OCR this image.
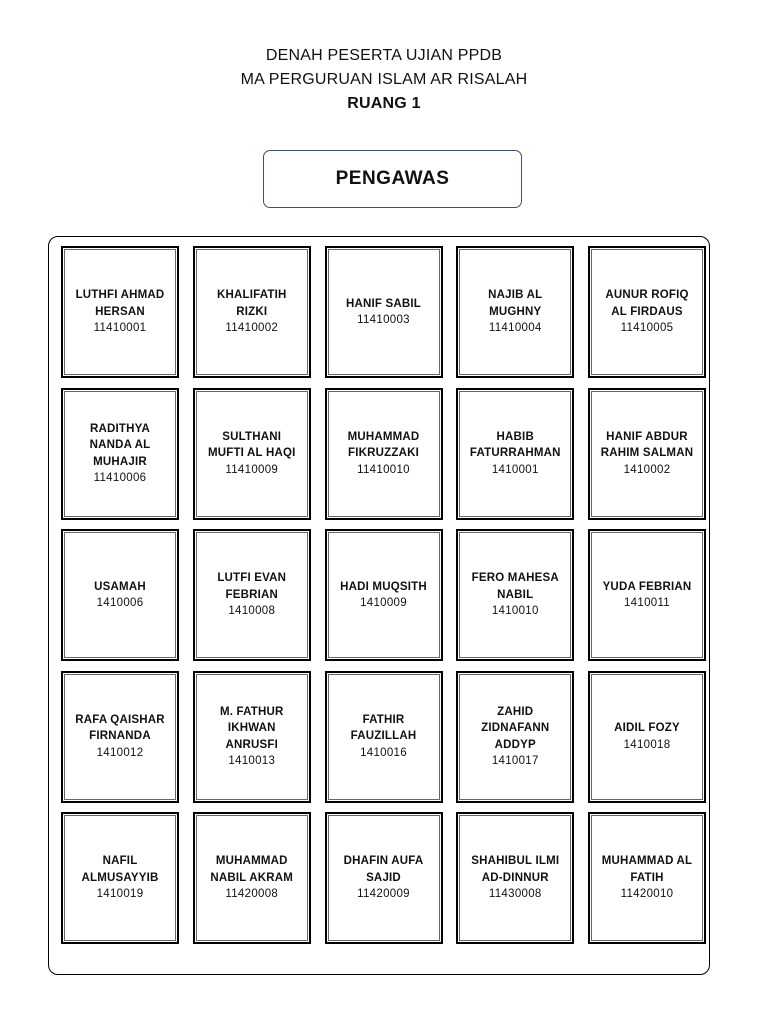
DENAH PESERTA UJIAN PPDB
MA PERGURUAN ISLAM AR RISALAH
RUANG 1
PENGAWAS
LUTHFI AHMAD HERSAN
11410001
KHALIFATIH RIZKI
11410002
HANIF SABIL
11410003
NAJIB AL MUGHNY
11410004
AUNUR ROFIQ AL FIRDAUS
11410005
RADITHYA NANDA AL MUHAJIR
11410006
SULTHANI MUFTI AL HAQI
11410009
MUHAMMAD FIKRUZZAKI
11410010
HABIB FATURRAHMAN
1410001
HANIF ABDUR RAHIM SALMAN
1410002
USAMAH
1410006
LUTFI EVAN FEBRIAN
1410008
HADI MUQSITH
1410009
FERO MAHESA NABIL
1410010
YUDA FEBRIAN
1410011
RAFA QAISHAR FIRNANDA
1410012
M. FATHUR IKHWAN ANRUSFI
1410013
FATHIR FAUZILLAH
1410016
ZAHID ZIDNAFANN ADDYP
1410017
AIDIL FOZY
1410018
NAFIL ALMUSAYYIB
1410019
MUHAMMAD NABIL AKRAM
11420008
DHAFIN AUFA SAJID
11420009
SHAHIBUL ILMI AD-DINNUR
11430008
MUHAMMAD AL FATIH
11420010
